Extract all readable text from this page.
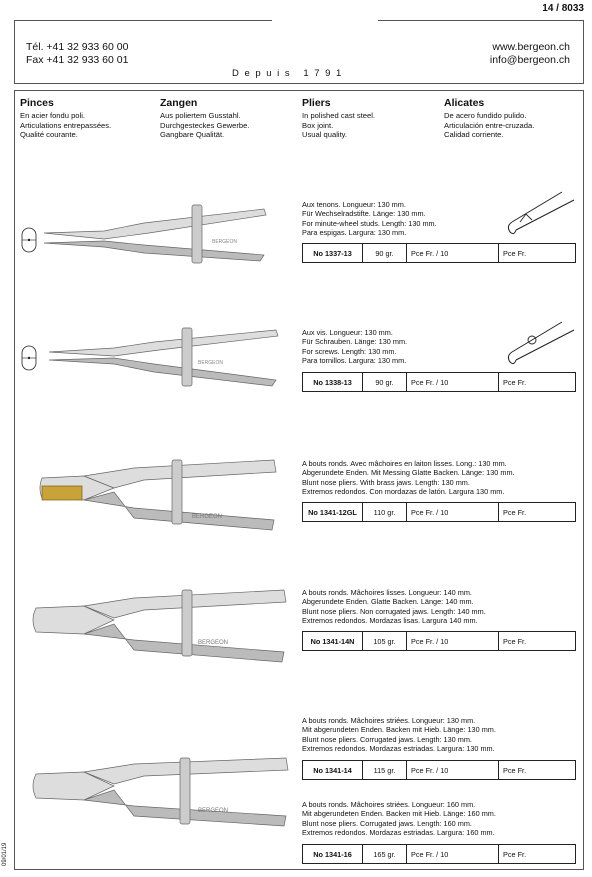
14 / 8033
Tél. +41 32 933 60 00
Fax +41 32 933 60 01
www.bergeon.ch
info@bergeon.ch
Depuis 1791
Pinces
En acier fondu poli.
Articulations entrepassées.
Qualité courante.
Zangen
Aus poliertem Gusstahl.
Durchgesteckes Gewerbe.
Gangbare Qualität.
Pliers
In polished cast steel.
Box joint.
Usual quality.
Alicates
De acero fundido pulido.
Articulación entre-cruzada.
Calidad corriente.
BERGEON
Aux tenons. Longueur: 130 mm.
Für Wechselradstifte. Länge: 130 mm.
For minute-wheel studs. Length: 130 mm.
Para espigas. Largura: 130 mm.
No 1337-13	90 gr.	Pce Fr. / 10	Pce Fr.
BERGEON
Aux vis. Longueur: 130 mm.
Für Schrauben. Länge: 130 mm.
For screws. Length: 130 mm.
Para tornillos. Largura: 130 mm.
No 1338-13	90 gr.	Pce Fr. / 10	Pce Fr.
BERGEON
A bouts ronds. Avec mâchoires en laiton lisses. Long.: 130 mm.
Abgerundete Enden. Mit Messing Glatte Backen. Länge: 130 mm.
Blunt nose pliers. With brass jaws. Length: 130 mm.
Extremos redondos. Con mordazas de latón. Largura 130 mm.
No 1341-12GL	110 gr.	Pce Fr. / 10	Pce Fr.
BERGEON
A bouts ronds. Mâchoires lisses. Longueur: 140 mm.
Abgerundete Enden. Glatte Backen. Länge: 140 mm.
Blunt nose pliers. Non corrugated jaws. Length: 140 mm.
Extremos redondos. Mordazas lisas. Largura 140 mm.
No 1341-14N	105 gr.	Pce Fr. / 10	Pce Fr.
BERGEON
A bouts ronds. Mâchoires striées. Longueur: 130 mm.
Mit abgerundeten Enden. Backen mit Hieb. Länge: 130 mm.
Blunt nose pliers. Corrugated jaws. Length: 130 mm.
Extremos redondos. Mordazas estriadas. Largura: 130 mm.
No 1341-14	115 gr.	Pce Fr. / 10	Pce Fr.
A bouts ronds. Mâchoires striées. Longueur: 160 mm.
Mit abgerundeten Enden. Backen mit Hieb. Länge: 160 mm.
Blunt nose pliers. Corrugated jaws. Length: 160 mm.
Extremos redondos. Mordazas estriadas. Largura: 160 mm.
No 1341-16	165 gr.	Pce Fr. / 10	Pce Fr.
09/01/19
